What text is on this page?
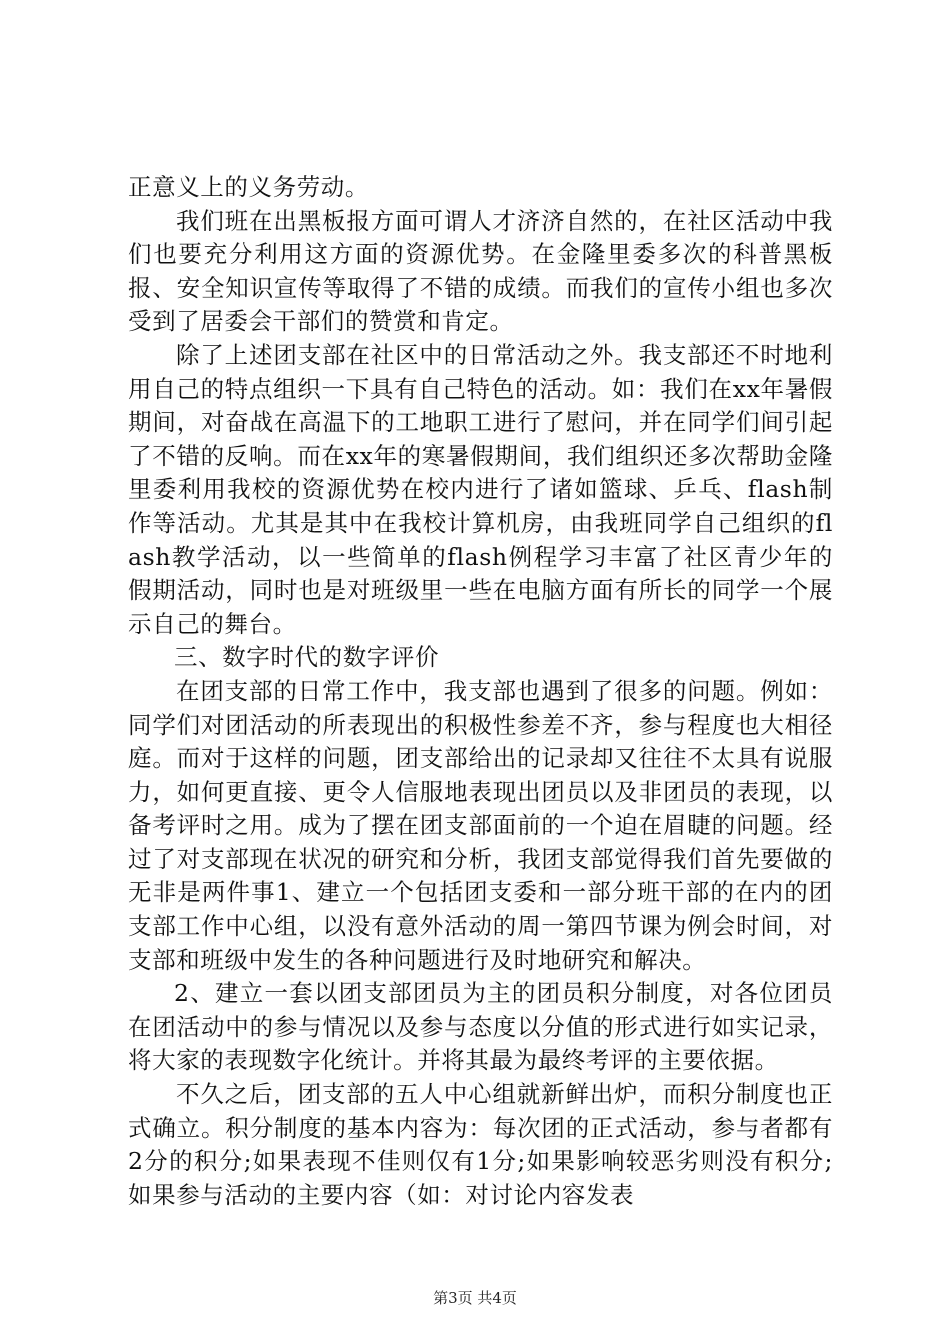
正意义上的义务劳动。

我们班在出黑板报方面可谓人才济济自然的，在社区活动中我们也要充分利用这方面的资源优势。在金隆里委多次的科普黑板报、安全知识宣传等取得了不错的成绩。而我们的宣传小组也多次受到了居委会干部们的赞赏和肯定。

除了上述团支部在社区中的日常活动之外。我支部还不时地利用自己的特点组织一下具有自己特色的活动。如：我们在xx年暑假期间，对奋战在高温下的工地职工进行了慰问，并在同学们间引起了不错的反响。而在xx年的寒暑假期间，我们组织还多次帮助金隆里委利用我校的资源优势在校内进行了诸如篮球、乒乓、flash制作等活动。尤其是其中在我校计算机房，由我班同学自己组织的flash教学活动，以一些简单的flash例程学习丰富了社区青少年的假期活动，同时也是对班级里一些在电脑方面有所长的同学一个展示自己的舞台。

三、数字时代的数字评价

在团支部的日常工作中，我支部也遇到了很多的问题。例如：同学们对团活动的所表现出的积极性参差不齐，参与程度也大相径庭。而对于这样的问题，团支部给出的记录却又往往不太具有说服力，如何更直接、更令人信服地表现出团员以及非团员的表现，以备考评时之用。成为了摆在团支部面前的一个迫在眉睫的问题。经过了对支部现在状况的研究和分析，我团支部觉得我们首先要做的无非是两件事1、建立一个包括团支委和一部分班干部的在内的团支部工作中心组，以没有意外活动的周一第四节课为例会时间，对支部和班级中发生的各种问题进行及时地研究和解决。

2、建立一套以团支部团员为主的团员积分制度，对各位团员在团活动中的参与情况以及参与态度以分值的形式进行如实记录，将大家的表现数字化统计。并将其最为最终考评的主要依据。

不久之后，团支部的五人中心组就新鲜出炉，而积分制度也正式确立。积分制度的基本内容为：每次团的正式活动，参与者都有2分的积分;如果表现不佳则仅有1分;如果影响较恶劣则没有积分;如果参与活动的主要内容（如：对讨论内容发表

第3页 共4页
